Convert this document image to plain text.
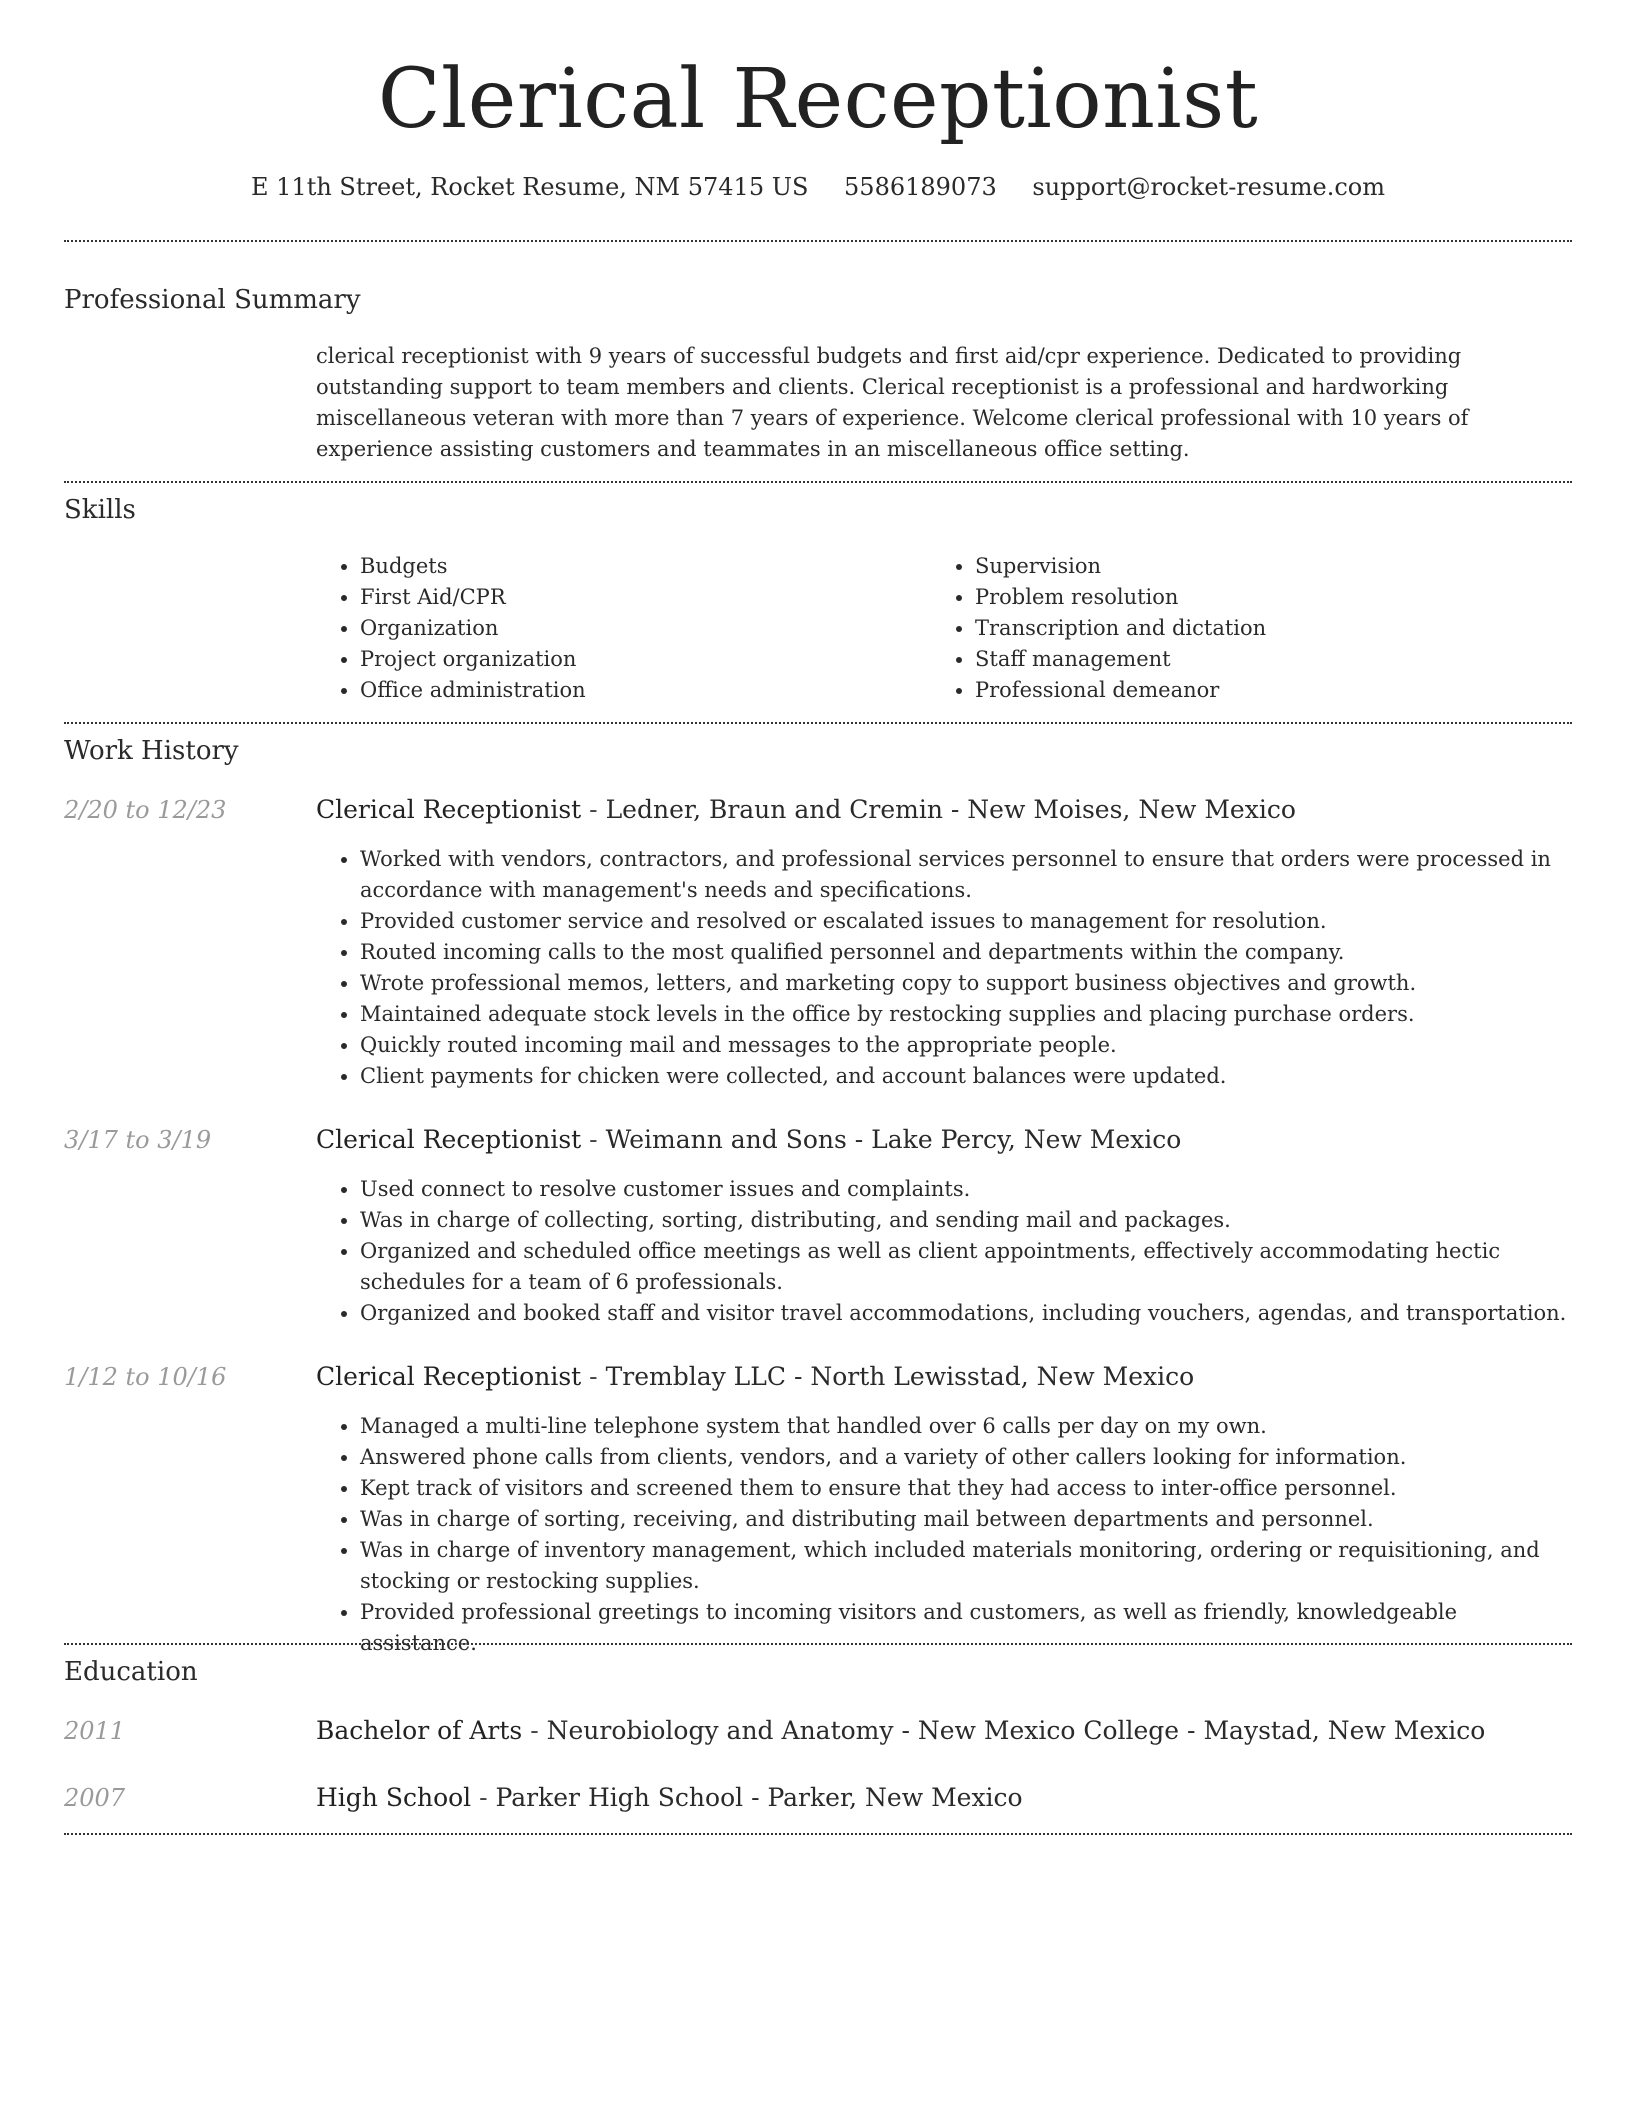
Clerical Receptionist
E 11th Street, Rocket Resume, NM 57415 US 5586189073 support@rocket-resume.com
Professional Summary
clerical receptionist with 9 years of successful budgets and first aid/cpr experience. Dedicated to providing outstanding support to team members and clients. Clerical receptionist is a professional and hardworking miscellaneous veteran with more than 7 years of experience. Welcome clerical professional with 10 years of experience assisting customers and teammates in an miscellaneous office setting.
Skills
• Budgets
• First Aid/CPR
• Organization
• Project organization
• Office administration
• Supervision
• Problem resolution
• Transcription and dictation
• Staff management
• Professional demeanor
Work History
2/20 to 12/23	Clerical Receptionist - Ledner, Braun and Cremin - New Moises, New Mexico
• Worked with vendors, contractors, and professional services personnel to ensure that orders were processed in accordance with management's needs and specifications.
• Provided customer service and resolved or escalated issues to management for resolution.
• Routed incoming calls to the most qualified personnel and departments within the company.
• Wrote professional memos, letters, and marketing copy to support business objectives and growth.
• Maintained adequate stock levels in the office by restocking supplies and placing purchase orders.
• Quickly routed incoming mail and messages to the appropriate people.
• Client payments for chicken were collected, and account balances were updated.
3/17 to 3/19	Clerical Receptionist - Weimann and Sons - Lake Percy, New Mexico
• Used connect to resolve customer issues and complaints.
• Was in charge of collecting, sorting, distributing, and sending mail and packages.
• Organized and scheduled office meetings as well as client appointments, effectively accommodating hectic schedules for a team of 6 professionals.
• Organized and booked staff and visitor travel accommodations, including vouchers, agendas, and transportation.
1/12 to 10/16	Clerical Receptionist - Tremblay LLC - North Lewisstad, New Mexico
• Managed a multi-line telephone system that handled over 6 calls per day on my own.
• Answered phone calls from clients, vendors, and a variety of other callers looking for information.
• Kept track of visitors and screened them to ensure that they had access to inter-office personnel.
• Was in charge of sorting, receiving, and distributing mail between departments and personnel.
• Was in charge of inventory management, which included materials monitoring, ordering or requisitioning, and stocking or restocking supplies.
• Provided professional greetings to incoming visitors and customers, as well as friendly, knowledgeable assistance.
Education
2011	Bachelor of Arts - Neurobiology and Anatomy - New Mexico College - Maystad, New Mexico
2007	High School - Parker High School - Parker, New Mexico
